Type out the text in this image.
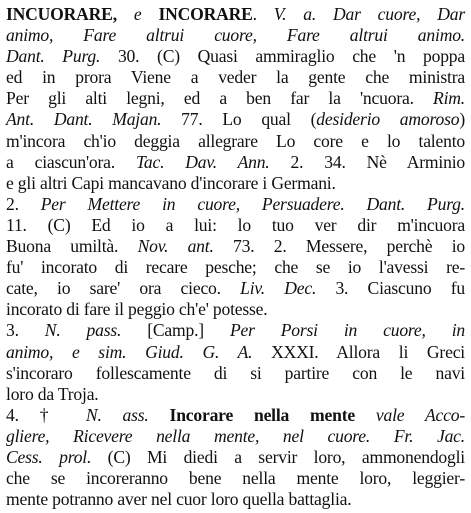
INCUORARE, e INCORARE. V. a. Dar cuore, Dar
animo, Fare altrui cuore, Fare altrui animo.
Dant. Purg. 30. (C) Quasi ammiraglio che 'n poppa
ed in prora Viene a veder la gente che ministra
Per gli alti legni, ed a ben far la 'ncuora. Rim.
Ant. Dant. Majan. 77. Lo qual (desiderio amoroso)
m'incora ch'io deggia allegrare Lo core e lo talento
a ciascun'ora. Tac. Dav. Ann. 2. 34. Nè Arminio
e gli altri Capi mancavano d'incorare i Germani.
2. Per Mettere in cuore, Persuadere. Dant. Purg.
11. (C) Ed io a lui: lo tuo ver dir m'incuora
Buona umiltà. Nov. ant. 73. 2. Messere, perchè io
fu' incorato di recare pesche; che se io l'avessi re-
cate, io sare' ora cieco. Liv. Dec. 3. Ciascuno fu
incorato di fare il peggio ch'e' potesse.
3. N. pass. [Camp.] Per Porsi in cuore, in
animo, e sim. Giud. G. A. XXXI. Allora li Greci
s'incoraro follescamente di si partire con le navi
loro da Troja.
4. † N. ass. Incorare nella mente vale Acco-
gliere, Ricevere nella mente, nel cuore. Fr. Jac.
Cess. prol. (C) Mi diedi a servir loro, ammonendogli
che se incoreranno bene nella mente loro, leggier-
mente potranno aver nel cuor loro quella battaglia.
